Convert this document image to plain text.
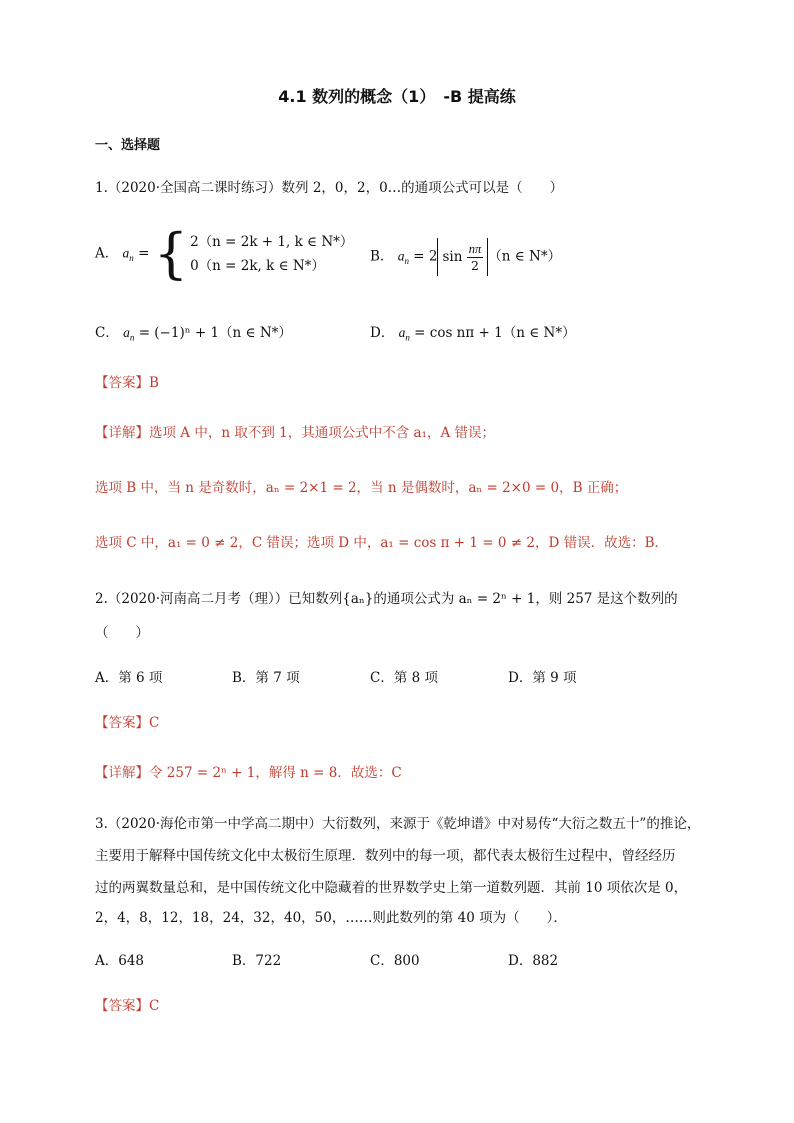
4.1 数列的概念（1）　-B 提高练
一、选择题
1.（2020·全国高二课时练习）数列 2，0，2，0…的通项公式可以是（　　）
A． $a_n$ = { 2（n = 2k + 1, k ∈ N*）
0（n = 2k, k ∈ N*）
B． $a_n = 2$ $\sin \frac{n\pi}{2} (n$ ∈ N*）
C． $a_n = (-1)^n + 1(n$ ∈ N*）	D． $a_n = \cos n\pi + 1(n$ ∈ N*）
【答案】B
【详解】选项 A 中，n 取不到 1，其通项公式中不含 a₁，A 错误；
选项 B 中，当 n 是奇数时，aₙ = 2×1 = 2，当 n 是偶数时，aₙ = 2×0 = 0，B 正确；
选项 C 中，a₁ = 0 ≠ 2，C 错误；选项 D 中，a₁ = cos π + 1 = 0 ≠ 2，D 错误．故选：B．
2.（2020·河南高二月考（理））已知数列{aₙ}的通项公式为 aₙ = 2ⁿ + 1，则 257 是这个数列的
（　　）
A．第 6 项	B．第 7 项	C．第 8 项	D．第 9 项
【答案】C
【详解】令 257 = 2ⁿ + 1，解得 n = 8．故选：C
3.（2020·海伦市第一中学高二期中）大衍数列，来源于《乾坤谱》中对易传“大衍之数五十”的推论，
主要用于解释中国传统文化中太极衍生原理．数列中的每一项，都代表太极衍生过程中，曾经经历
过的两翼数量总和，是中国传统文化中隐藏着的世界数学史上第一道数列题．其前 10 项依次是 0，
2，4，8，12，18，24，32，40，50，……则此数列的第 40 项为（　　）．
A．648	B．722	C．800	D．882
【答案】C
